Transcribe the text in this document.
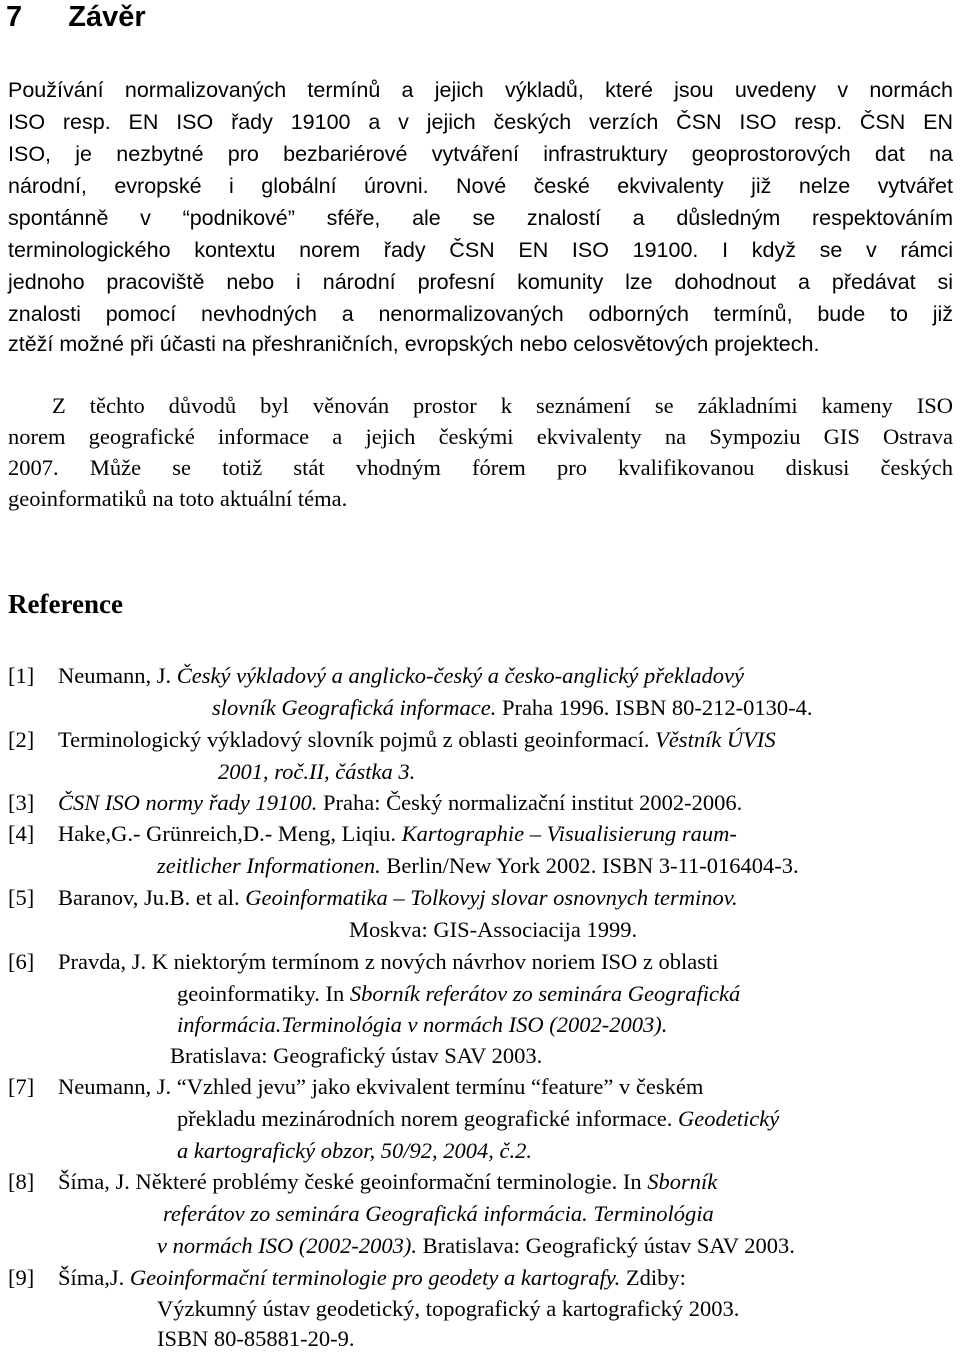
7 Závěr
Používání normalizovaných termínů a jejich výkladů, které jsou uvedeny v normách
ISO resp. EN ISO řady 19100 a v jejich českých verzích ČSN ISO resp. ČSN EN
ISO, je nezbytné pro bezbariérové vytváření infrastruktury geoprostorových dat na
národní, evropské i globální úrovni. Nové české ekvivalenty již nelze vytvářet
spontánně v “podnikové” sféře, ale se znalostí a důsledným respektováním
terminologického kontextu norem řady ČSN EN ISO 19100. I když se v rámci
jednoho pracoviště nebo i národní profesní komunity lze dohodnout a předávat si
znalosti pomocí nevhodných a nenormalizovaných odborných termínů, bude to již
ztěží možné při účasti na přeshraničních, evropských nebo celosvětových projektech.
Z těchto důvodů byl věnován prostor k seznámení se základními kameny ISO
norem geografické informace a jejich českými ekvivalenty na Sympoziu GIS Ostrava
2007. Může se totiž stát vhodným fórem pro kvalifikovanou diskusi českých
geoinformatiků na toto aktuální téma.
Reference
[1] Neumann, J. Český výkladový a anglicko-český a česko-anglický překladový
slovník Geografická informace. Praha 1996. ISBN 80-212-0130-4.
[2] Terminologický výkladový slovník pojmů z oblasti geoinformací. Věstník ÚVIS
2001, roč.II, částka 3.
[3] ČSN ISO normy řady 19100. Praha: Český normalizační institut 2002-2006.
[4] Hake,G.- Grünreich,D.- Meng, Liqiu. Kartographie – Visualisierung raum-
zeitlicher Informationen. Berlin/New York 2002. ISBN 3-11-016404-3.
[5] Baranov, Ju.B. et al. Geoinformatika – Tolkovyj slovar osnovnych terminov.
Moskva: GIS-Associacija 1999.
[6] Pravda, J. K niektorým termínom z nových návrhov noriem ISO z oblasti
geoinformatiky. In Sborník referátov zo seminára Geografická
informácia.Terminológia v normách ISO (2002-2003).
Bratislava: Geografický ústav SAV 2003.
[7] Neumann, J. “Vzhled jevu” jako ekvivalent termínu “feature” v českém
překladu mezinárodních norem geografické informace. Geodetický
a kartografický obzor, 50/92, 2004, č.2.
[8] Šíma, J. Některé problémy české geoinformační terminologie. In Sborník
referátov zo seminára Geografická informácia. Terminológia
v normách ISO (2002-2003). Bratislava: Geografický ústav SAV 2003.
[9] Šíma,J. Geoinformační terminologie pro geodety a kartografy. Zdiby:
Výzkumný ústav geodetický, topografický a kartografický 2003.
ISBN 80-85881-20-9.
